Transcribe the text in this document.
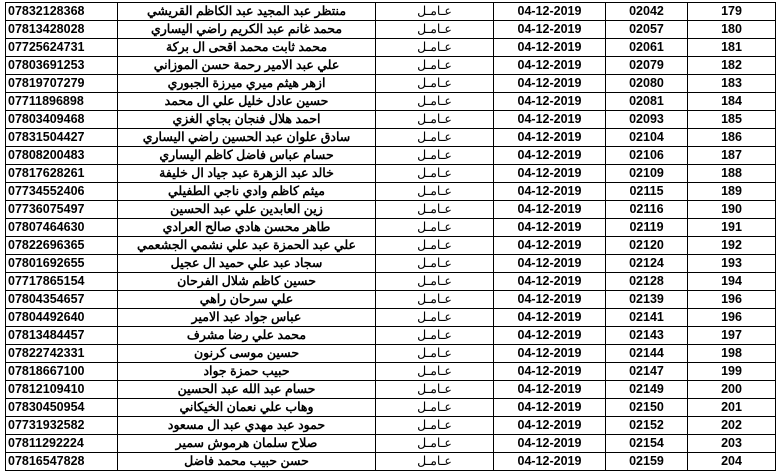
07832128368	منتظر عبد المجيد عبد الكاظم القريشي	عـامـل	04-12-2019	02042	179
07813428028	محمد غانم عبد الكريم راضي اليساري	عـامـل	04-12-2019	02057	180
07725624731	محمد ثابت محمد اقحى ال بركة	عـامـل	04-12-2019	02061	181
07803691253	علي عبد الامير رحمة حسن الموزاني	عـامـل	04-12-2019	02079	182
07819707279	ازهر هيثم ميري ميرزة الجبوري	عـامـل	04-12-2019	02080	183
07711896898	حسين عادل خليل علي ال محمد	عـامـل	04-12-2019	02081	184
07803409468	احمد هلال فنجان بجاي الغزي	عـامـل	04-12-2019	02093	185
07831504427	سادق علوان عبد الحسين راضي اليساري	عـامـل	04-12-2019	02104	186
07808200483	حسام عباس فاضل كاظم اليساري	عـامـل	04-12-2019	02106	187
07817628261	خالد عبد الزهرة عبد جياد ال خليفة	عـامـل	04-12-2019	02109	188
07734552406	ميثم كاظم وادي ناجي الطفيلي	عـامـل	04-12-2019	02115	189
07736075497	زين العابدين علي عبد الحسين	عـامـل	04-12-2019	02116	190
07807464630	طاهر محسن هادي صالح العرادي	عـامـل	04-12-2019	02119	191
07822696365	علي عبد الحمزة عبد علي نشمي الجشعمي	عـامـل	04-12-2019	02120	192
07801692655	سجاد عبد علي حميد ال عجيل	عـامـل	04-12-2019	02124	193
07717865154	حسين كاظم شلال الفرحان	عـامـل	04-12-2019	02128	194
07804354657	علي سرحان راهي	عـامـل	04-12-2019	02139	196
07804492640	عباس جواد عبد الامير	عـامـل	04-12-2019	02141	196
07813484457	محمد علي رضا مشرف	عـامـل	04-12-2019	02143	197
07822742331	حسين موسى كرنون	عـامـل	04-12-2019	02144	198
07818667100	حبيب حمزة جواد	عـامـل	04-12-2019	02147	199
07812109410	حسام عبد الله عبد الحسين	عـامـل	04-12-2019	02149	200
07830450954	وهاب علي نعمان الخيكاني	عـامـل	04-12-2019	02150	201
07731932582	حمود عبد مهدي عبد ال مسعود	عـامـل	04-12-2019	02152	202
07811292224	صلاح سلمان هرموش سمير	عـامـل	04-12-2019	02154	203
07816547828	حسن حبيب محمد فاضل	عـامـل	04-12-2019	02159	204
